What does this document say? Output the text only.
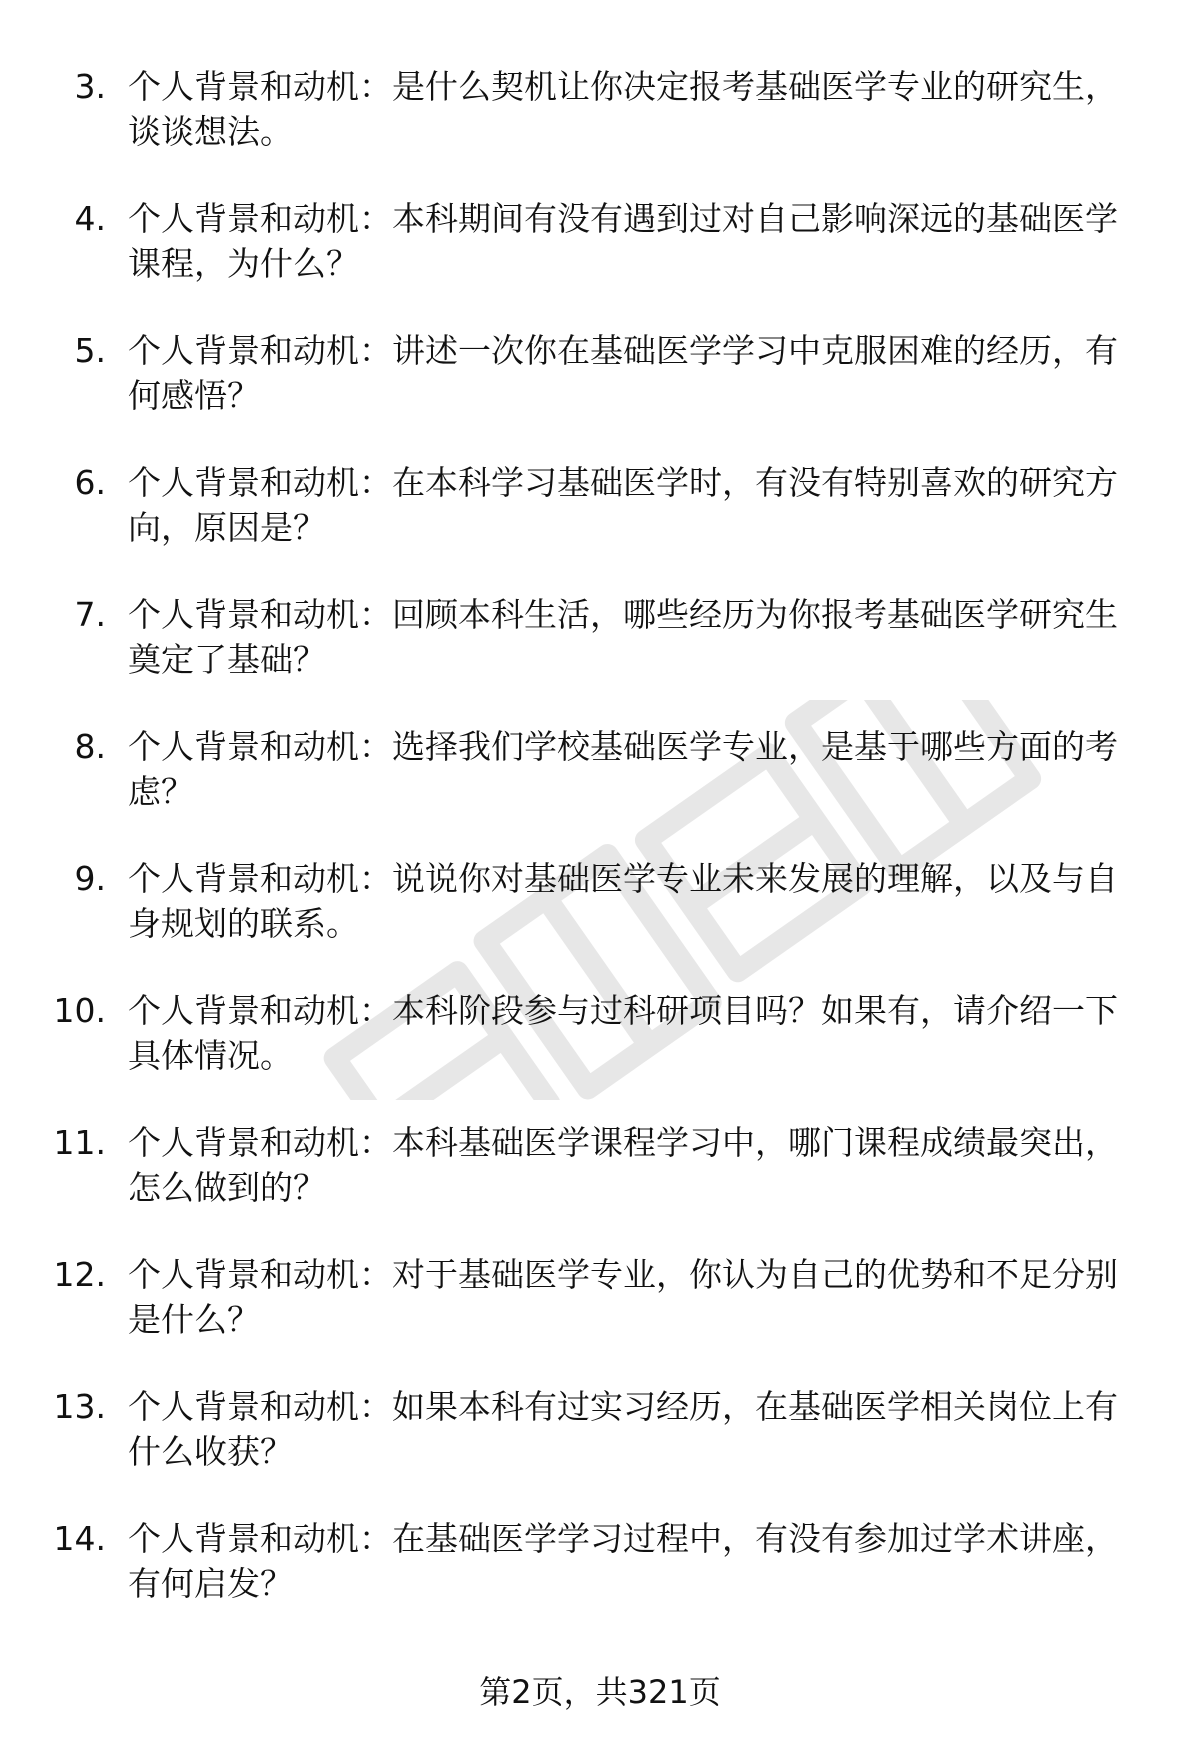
3. 个人背景和动机：是什么契机让你决定报考基础医学专业的研究生，谈谈想法。

4. 个人背景和动机：本科期间有没有遇到过对自己影响深远的基础医学课程，为什么？

5. 个人背景和动机：讲述一次你在基础医学学习中克服困难的经历，有何感悟？

6. 个人背景和动机：在本科学习基础医学时，有没有特别喜欢的研究方向，原因是？

7. 个人背景和动机：回顾本科生活，哪些经历为你报考基础医学研究生奠定了基础？

8. 个人背景和动机：选择我们学校基础医学专业，是基于哪些方面的考虑？

9. 个人背景和动机：说说你对基础医学专业未来发展的理解，以及与自身规划的联系。

10. 个人背景和动机：本科阶段参与过科研项目吗？如果有，请介绍一下具体情况。

11. 个人背景和动机：本科基础医学课程学习中，哪门课程成绩最突出，怎么做到的？

12. 个人背景和动机：对于基础医学专业，你认为自己的优势和不足分别是什么？

13. 个人背景和动机：如果本科有过实习经历，在基础医学相关岗位上有什么收获？

14. 个人背景和动机：在基础医学学习过程中，有没有参加过学术讲座，有何启发？

第2页，共321页
